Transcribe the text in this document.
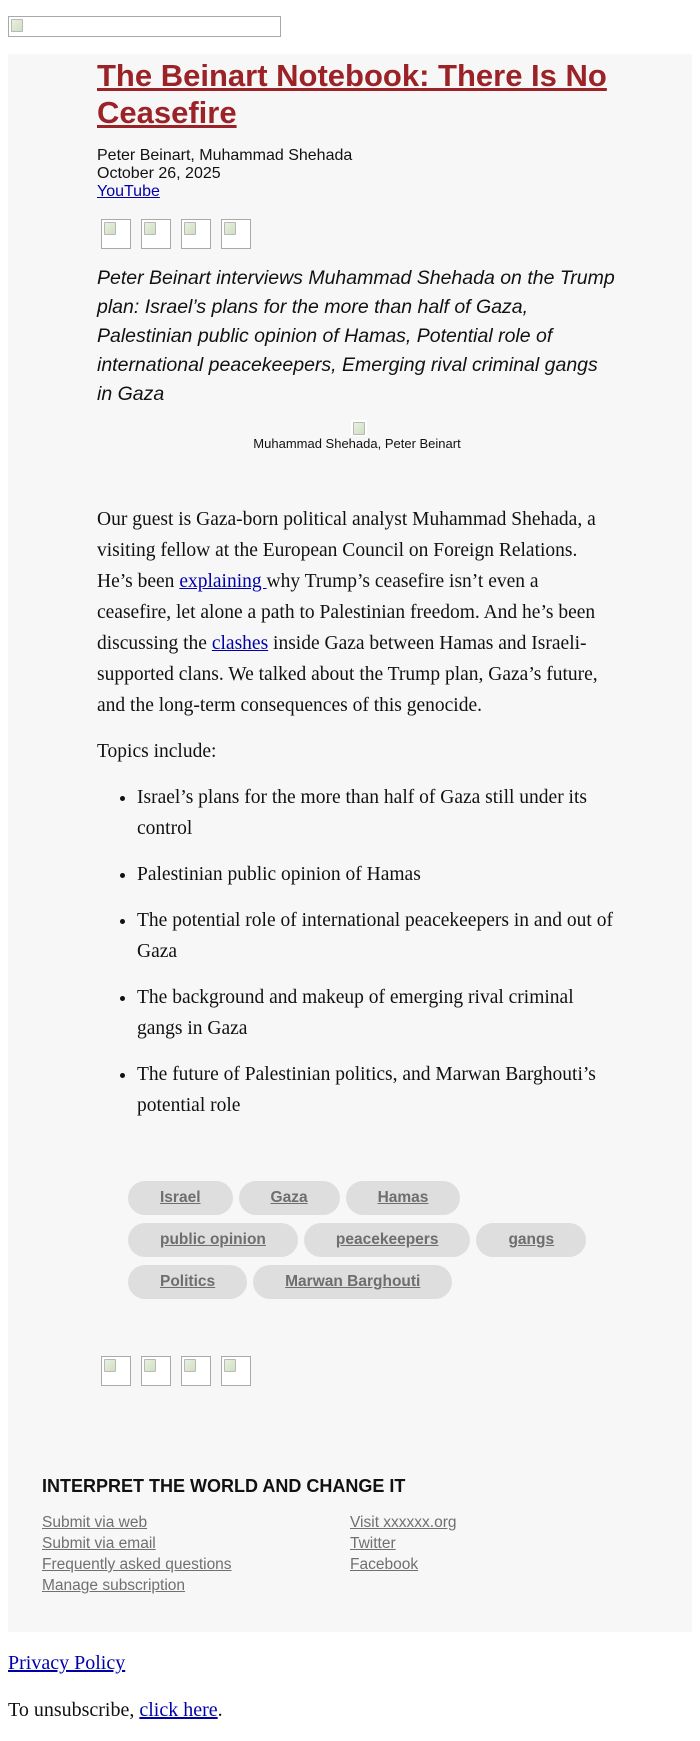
The Beinart Notebook: There Is No Ceasefire
Peter Beinart, Muhammad Shehada
October 26, 2025
YouTube

Peter Beinart interviews Muhammad Shehada on the Trump plan: Israel’s plans for the more than half of Gaza, Palestinian public opinion of Hamas, Potential role of international peacekeepers, Emerging rival criminal gangs in Gaza

Muhammad Shehada, Peter Beinart

Our guest is Gaza-born political analyst Muhammad Shehada, a visiting fellow at the European Council on Foreign Relations. He’s been explaining why Trump’s ceasefire isn’t even a ceasefire, let alone a path to Palestinian freedom. And he’s been discussing the clashes inside Gaza between Hamas and Israeli-supported clans. We talked about the Trump plan, Gaza’s future, and the long-term consequences of this genocide.

Topics include:

• Israel’s plans for the more than half of Gaza still under its control
• Palestinian public opinion of Hamas
• The potential role of international peacekeepers in and out of Gaza
• The background and makeup of emerging rival criminal gangs in Gaza
• The future of Palestinian politics, and Marwan Barghouti’s potential role
Israel	Gaza	Hamas
public opinion	peacekeepers	gangs
Politics	Marwan Barghouti
INTERPRET THE WORLD AND CHANGE IT
Submit via web
Submit via email
Frequently asked questions
Manage subscription
Visit xxxxxx.org
Twitter
Facebook
Privacy Policy
To unsubscribe, click here.
